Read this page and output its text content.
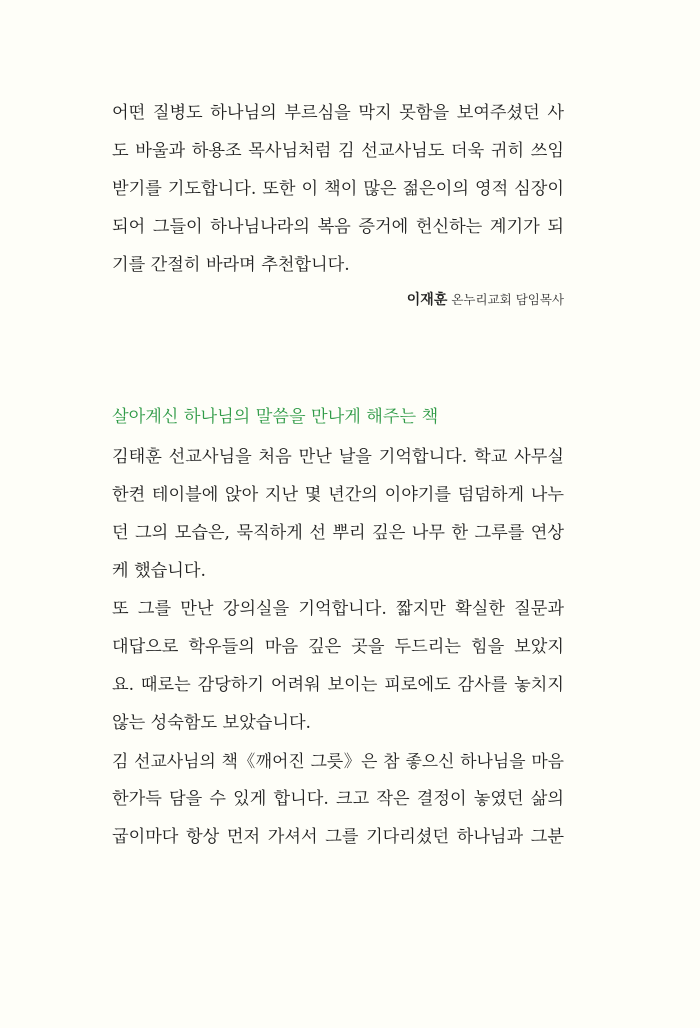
어떤 질병도 하나님의 부르심을 막지 못함을 보여주셨던 사
도 바울과 하용조 목사님처럼 김 선교사님도 더욱 귀히 쓰임
받기를 기도합니다. 또한 이 책이 많은 젊은이의 영적 심장이
되어 그들이 하나님나라의 복음 증거에 헌신하는 계기가 되
기를 간절히 바라며 추천합니다.
이재훈 온누리교회 담임목사
살아계신 하나님의 말씀을 만나게 해주는 책
김태훈 선교사님을 처음 만난 날을 기억합니다. 학교 사무실
한켠 테이블에 앉아 지난 몇 년간의 이야기를 덤덤하게 나누
던 그의 모습은, 묵직하게 선 뿌리 깊은 나무 한 그루를 연상
케 했습니다.
또 그를 만난 강의실을 기억합니다. 짧지만 확실한 질문과
대답으로 학우들의 마음 깊은 곳을 두드리는 힘을 보았지
요. 때로는 감당하기 어려워 보이는 피로에도 감사를 놓치지
않는 성숙함도 보았습니다.
김 선교사님의 책《깨어진 그릇》은 참 좋으신 하나님을 마음
한가득 담을 수 있게 합니다. 크고 작은 결정이 놓였던 삶의
굽이마다 항상 먼저 가셔서 그를 기다리셨던 하나님과 그분
